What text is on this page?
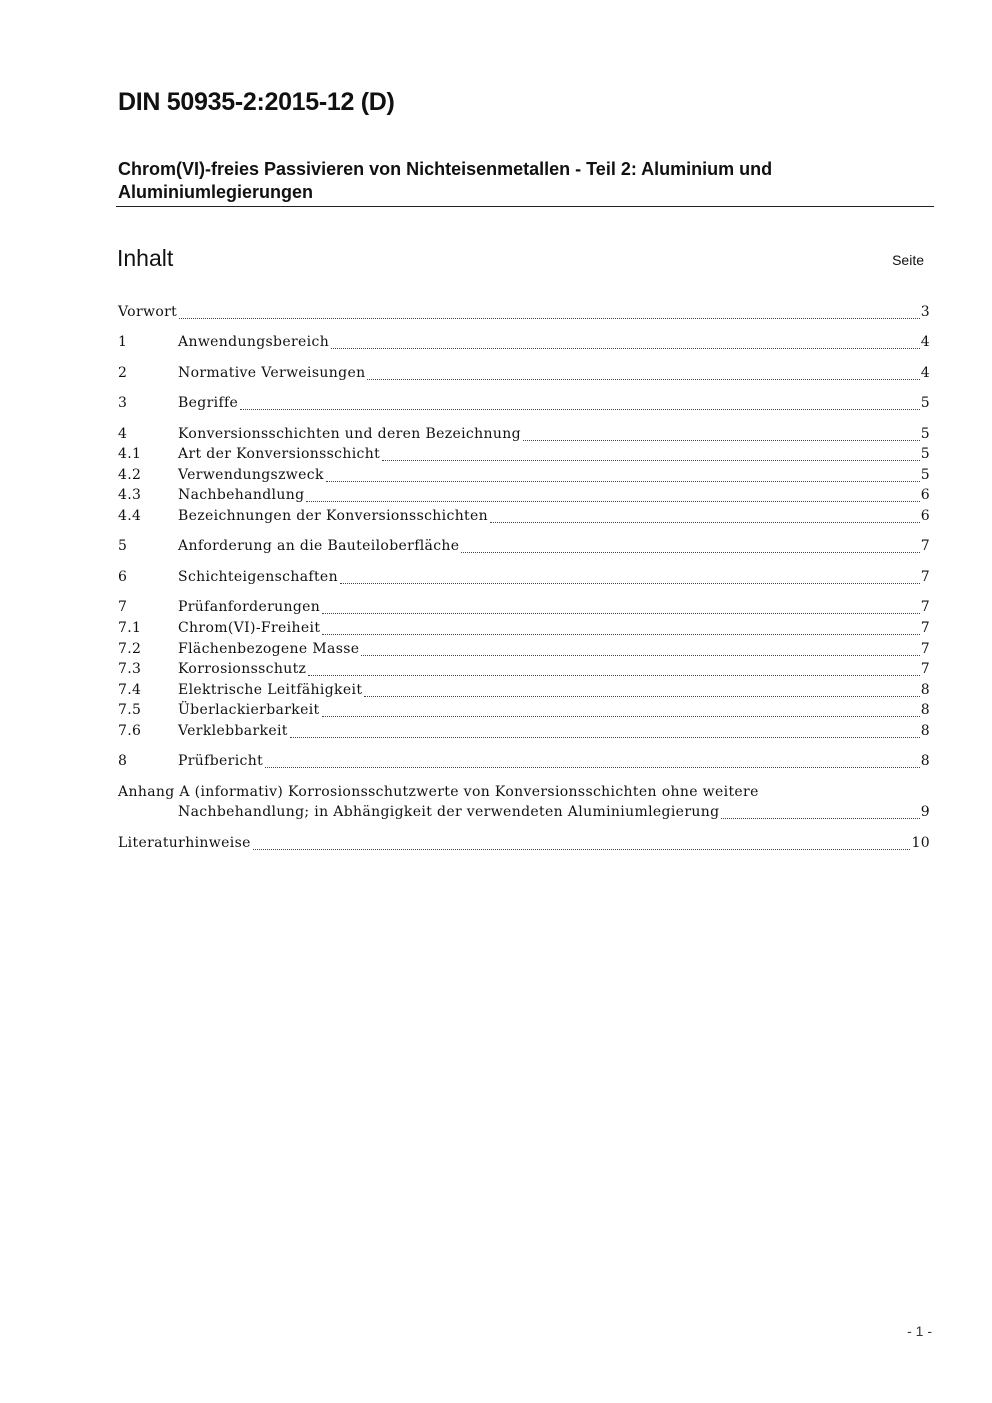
DIN 50935-2:2015-12 (D)
Chrom(VI)-freies Passivieren von Nichteisenmetallen - Teil 2: Aluminium und
Aluminiumlegierungen
Inhalt	Seite
Vorwort	3
1	Anwendungsbereich	4
2	Normative Verweisungen	4
3	Begriffe	5
4	Konversionsschichten und deren Bezeichnung	5
4.1	Art der Konversionsschicht	5
4.2	Verwendungszweck	5
4.3	Nachbehandlung	6
4.4	Bezeichnungen der Konversionsschichten	6
5	Anforderung an die Bauteiloberfläche	7
6	Schichteigenschaften	7
7	Prüfanforderungen	7
7.1	Chrom(VI)-Freiheit	7
7.2	Flächenbezogene Masse	7
7.3	Korrosionsschutz	7
7.4	Elektrische Leitfähigkeit	8
7.5	Überlackierbarkeit	8
7.6	Verklebbarkeit	8
8	Prüfbericht	8
Anhang A (informativ) Korrosionsschutzwerte von Konversionsschichten ohne weitere
Nachbehandlung; in Abhängigkeit der verwendeten Aluminiumlegierung	9
Literaturhinweise	10
- 1 -
